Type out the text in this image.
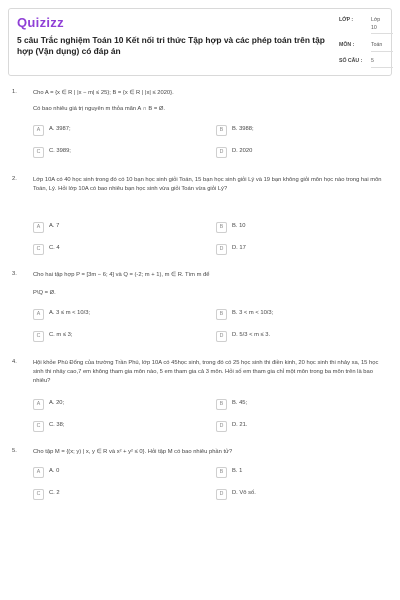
Quizizz
5 câu Trắc nghiệm Toán 10 Kết nối tri thức Tập hợp và các phép toán trên tập hợp (Vận dụng) có đáp án
LỚP :	Lớp 10
MÔN :	Toán
SỐ CÂU : 5
1.	Cho A = {x ∈ R | |x − m| ≤ 25}; B = {x ∈ R | |x| ≤ 2020}.
Có bao nhiêu giá trị nguyên m thỏa mãn A ∩ B = Ø.
A	A. 3987;	B	B. 3988;
C	C. 3989;	D	D. 2020
2.	Lớp 10A có 40 học sinh trong đó có 10 bạn học sinh giỏi Toán, 15 bạn học sinh giỏi Lý và 19 bạn không giỏi môn học nào trong hai môn Toán, Lý. Hỏi lớp 10A có bao nhiêu bạn học sinh vừa giỏi Toán vừa giỏi Lý?
A	A. 7	B	B. 10
C	C. 4	D	D. 17
3.	Cho hai tập hợp P = [3m − 6; 4] và Q = (-2; m + 1), m ∈ R. Tìm m để
P\Q = Ø.
A	A. 3 ≤ m < 10/3;	B	B. 3 < m < 10/3;
C	C. m ≤ 3;	D	D. 5/3 < m ≤ 3.
4.	Hội khỏe Phù Đổng của trường Trần Phú, lớp 10A có 45học sinh, trong đó có 25 học sinh thi điền kinh, 20 học sinh thi nhảy xa, 15 học sinh thi nhảy cao,7 em không tham gia môn nào, 5 em tham gia cả 3 môn. Hỏi số em tham gia chỉ một môn trong ba môn trên là bao nhiêu?
A	A. 20;	B	B. 45;
C	C. 38;	D	D. 21.
5.	Cho tập M = {(x; y) | x, y ∈ R và x² + y² ≤ 0}. Hỏi tập M có bao nhiêu phần tử?
A	A. 0	B	B. 1
C	C. 2	D	D. Vô số.
